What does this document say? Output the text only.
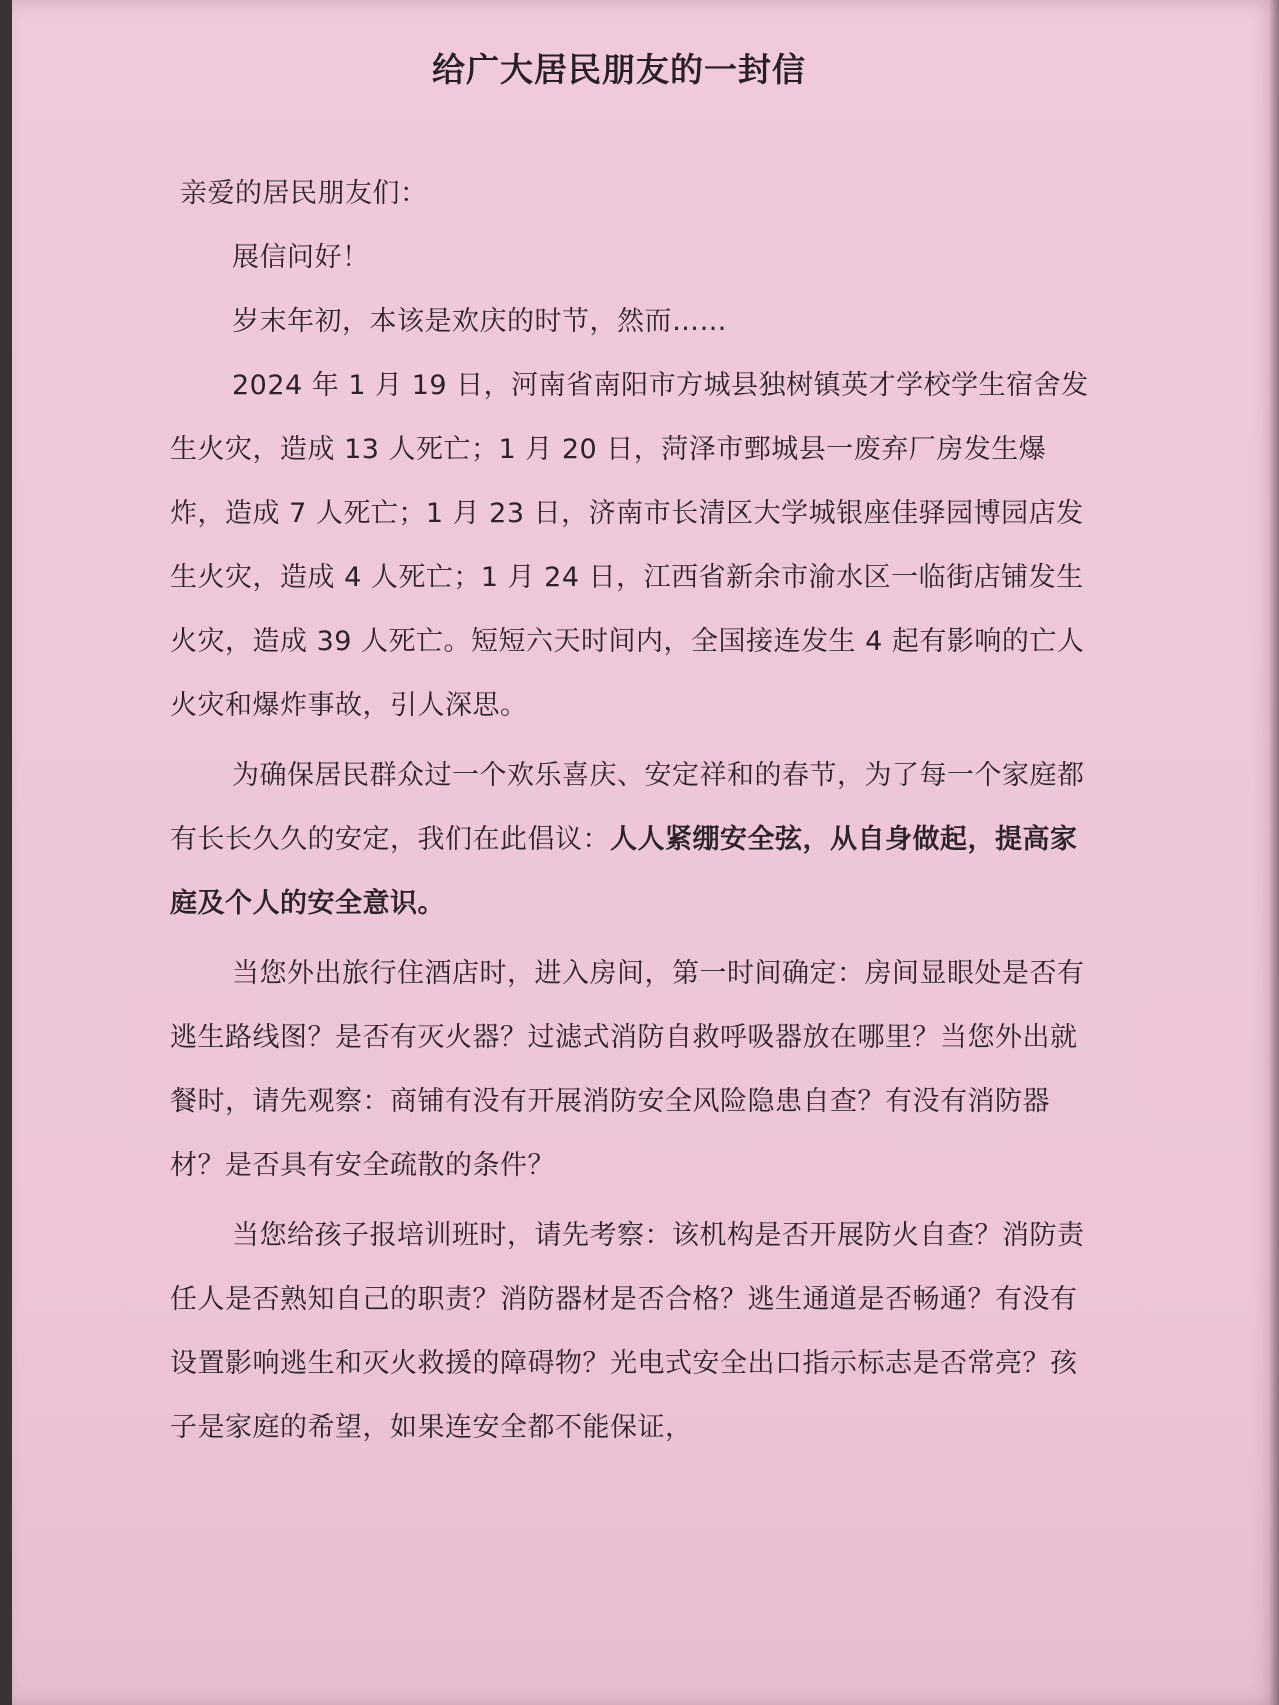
给广大居民朋友的一封信

亲爱的居民朋友们：

展信问好！

岁末年初，本该是欢庆的时节，然而……

2024 年 1 月 19 日，河南省南阳市方城县独树镇英才学校学生宿舍发生火灾，造成 13 人死亡；1 月 20 日，菏泽市鄄城县一废弃厂房发生爆炸，造成 7 人死亡；1 月 23 日，济南市长清区大学城银座佳驿园博园店发生火灾，造成 4 人死亡；1 月 24 日，江西省新余市渝水区一临街店铺发生火灾，造成 39 人死亡。短短六天时间内，全国接连发生 4 起有影响的亡人火灾和爆炸事故，引人深思。

为确保居民群众过一个欢乐喜庆、安定祥和的春节，为了每一个家庭都有长长久久的安定，我们在此倡议：人人紧绷安全弦，从自身做起，提高家庭及个人的安全意识。

当您外出旅行住酒店时，进入房间，第一时间确定：房间显眼处是否有逃生路线图？是否有灭火器？过滤式消防自救呼吸器放在哪里？当您外出就餐时，请先观察：商铺有没有开展消防安全风险隐患自查？有没有消防器材？是否具有安全疏散的条件？

当您给孩子报培训班时，请先考察：该机构是否开展防火自查？消防责任人是否熟知自己的职责？消防器材是否合格？逃生通道是否畅通？有没有设置影响逃生和灭火救援的障碍物？光电式安全出口指示标志是否常亮？孩子是家庭的希望，如果连安全都不能保证，
